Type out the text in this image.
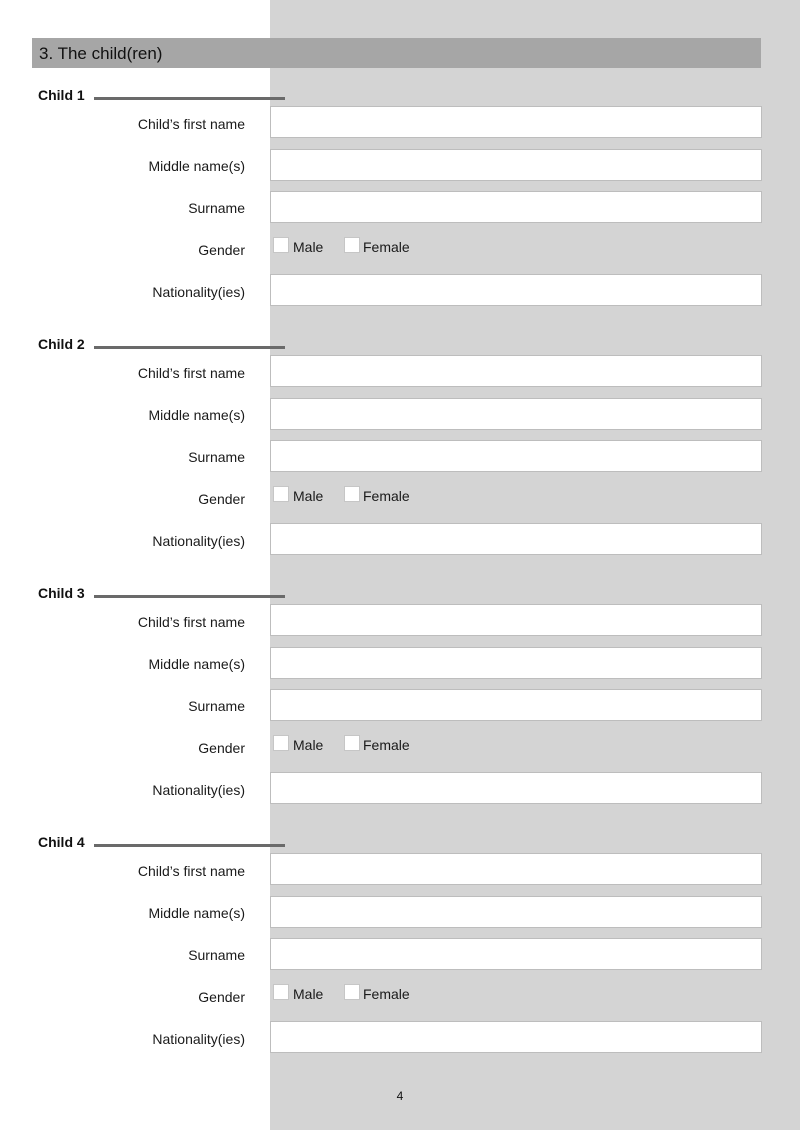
3. The child(ren)
Child 1
Child’s first name
Middle name(s)
Surname
Gender	Male	Female
Nationality(ies)
Child 2
Child’s first name
Middle name(s)
Surname
Gender	Male	Female
Nationality(ies)
Child 3
Child’s first name
Middle name(s)
Surname
Gender	Male	Female
Nationality(ies)
Child 4
Child’s first name
Middle name(s)
Surname
Gender	Male	Female
Nationality(ies)
4
